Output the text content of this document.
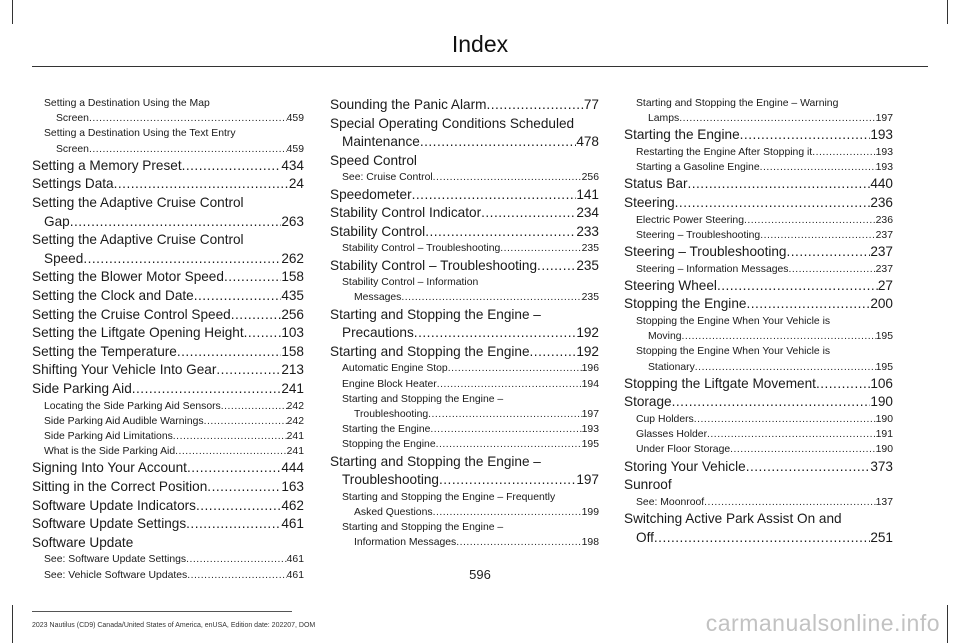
Index
Setting a Destination Using the Map
Screen .....	459
Setting a Destination Using the Text Entry
Screen .....	459
Setting a Memory Preset .....	434
Settings Data .....	24
Setting the Adaptive Cruise Control
Gap .....	263
Setting the Adaptive Cruise Control
Speed .....	262
Setting the Blower Motor Speed .....	158
Setting the Clock and Date .....	435
Setting the Cruise Control Speed .....	256
Setting the Liftgate Opening Height .....	103
Setting the Temperature .....	158
Shifting Your Vehicle Into Gear .....	213
Side Parking Aid .....	241
Locating the Side Parking Aid Sensors .....	242
Side Parking Aid Audible Warnings .....	242
Side Parking Aid Limitations .....	241
What is the Side Parking Aid .....	241
Signing Into Your Account .....	444
Sitting in the Correct Position .....	163
Software Update Indicators .....	462
Software Update Settings .....	461
Software Update
See: Software Update Settings .....	461
See: Vehicle Software Updates .....	461
Sounding the Panic Alarm .....	77
Special Operating Conditions Scheduled
Maintenance .....	478
Speed Control
See: Cruise Control .....	256
Speedometer .....	141
Stability Control Indicator .....	234
Stability Control .....	233
Stability Control – Troubleshooting .....	235
Stability Control – Troubleshooting .....	235
Stability Control – Information
Messages .....	235
Starting and Stopping the Engine –
Precautions .....	192
Starting and Stopping the Engine .....	192
Automatic Engine Stop .....	196
Engine Block Heater .....	194
Starting and Stopping the Engine –
Troubleshooting .....	197
Starting the Engine .....	193
Stopping the Engine .....	195
Starting and Stopping the Engine –
Troubleshooting .....	197
Starting and Stopping the Engine – Frequently
Asked Questions .....	199
Starting and Stopping the Engine –
Information Messages .....	198
Starting and Stopping the Engine – Warning
Lamps .....	197
Starting the Engine .....	193
Restarting the Engine After Stopping it .....	193
Starting a Gasoline Engine .....	193
Status Bar .....	440
Steering .....	236
Electric Power Steering .....	236
Steering – Troubleshooting .....	237
Steering – Troubleshooting .....	237
Steering – Information Messages .....	237
Steering Wheel .....	27
Stopping the Engine .....	200
Stopping the Engine When Your Vehicle is
Moving .....	195
Stopping the Engine When Your Vehicle is
Stationary .....	195
Stopping the Liftgate Movement .....	106
Storage .....	190
Cup Holders .....	190
Glasses Holder .....	191
Under Floor Storage .....	190
Storing Your Vehicle .....	373
Sunroof
See: Moonroof .....	137
Switching Active Park Assist On and
Off .....	251
596
2023 Nautilus (CD9) Canada/United States of America, enUSA, Edition date: 202207, DOM	carmanualsonline.info
